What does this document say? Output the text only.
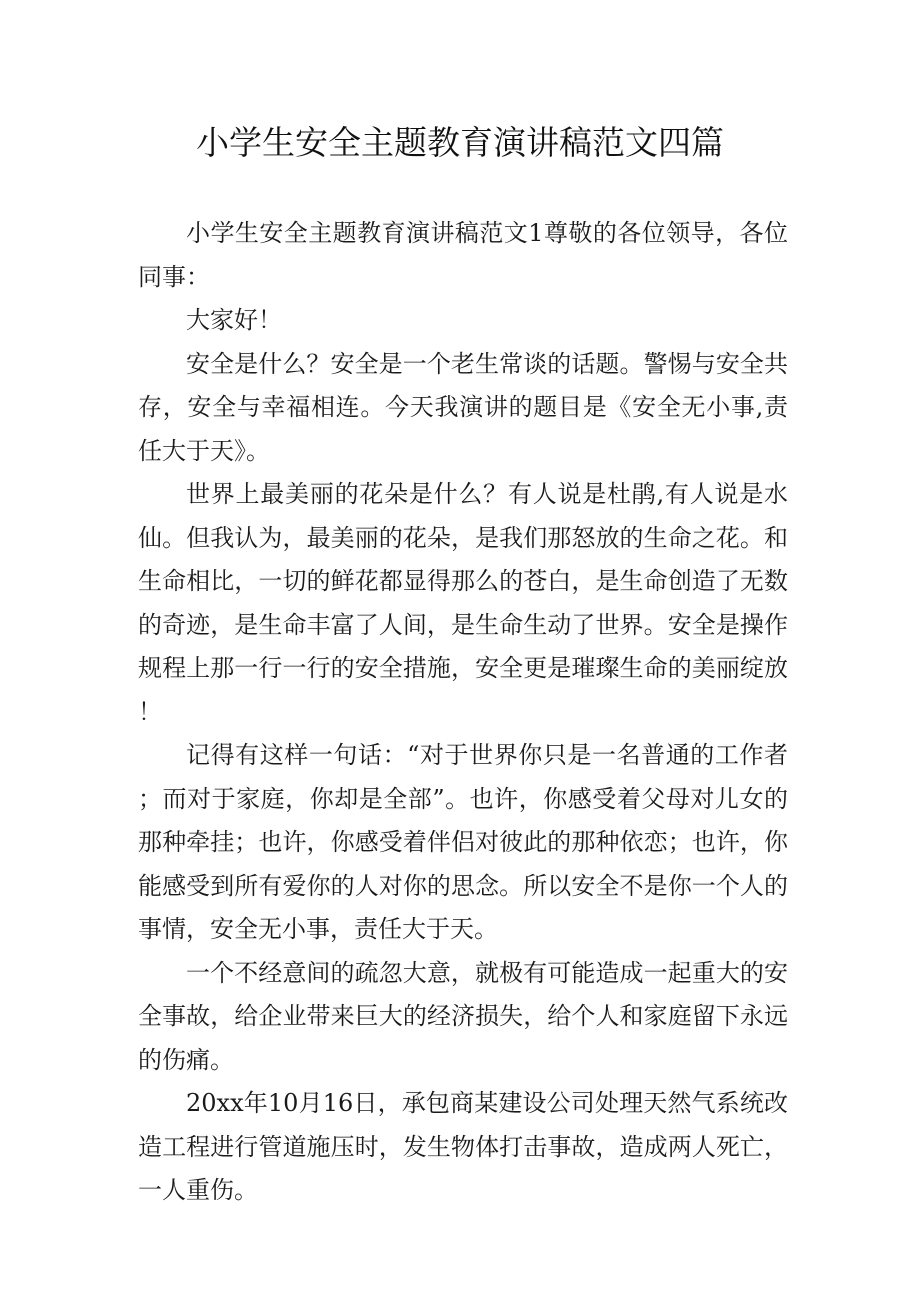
小学生安全主题教育演讲稿范文四篇

小学生安全主题教育演讲稿范文1尊敬的各位领导，各位同事：

大家好！

安全是什么？安全是一个老生常谈的话题。警惕与安全共存，安全与幸福相连。今天我演讲的题目是《安全无小事,责任大于天》。

世界上最美丽的花朵是什么？有人说是杜鹃,有人说是水仙。但我认为，最美丽的花朵，是我们那怒放的生命之花。和生命相比，一切的鲜花都显得那么的苍白，是生命创造了无数的奇迹，是生命丰富了人间，是生命生动了世界。安全是操作规程上那一行一行的安全措施，安全更是璀璨生命的美丽绽放！

记得有这样一句话：“对于世界你只是一名普通的工作者；而对于家庭，你却是全部”。也许，你感受着父母对儿女的那种牵挂；也许，你感受着伴侣对彼此的那种依恋；也许，你能感受到所有爱你的人对你的思念。所以安全不是你一个人的事情，安全无小事，责任大于天。

一个不经意间的疏忽大意，就极有可能造成一起重大的安全事故，给企业带来巨大的经济损失，给个人和家庭留下永远的伤痛。

20xx年10月16日，承包商某建设公司处理天然气系统改造工程进行管道施压时，发生物体打击事故，造成两人死亡，一人重伤。
